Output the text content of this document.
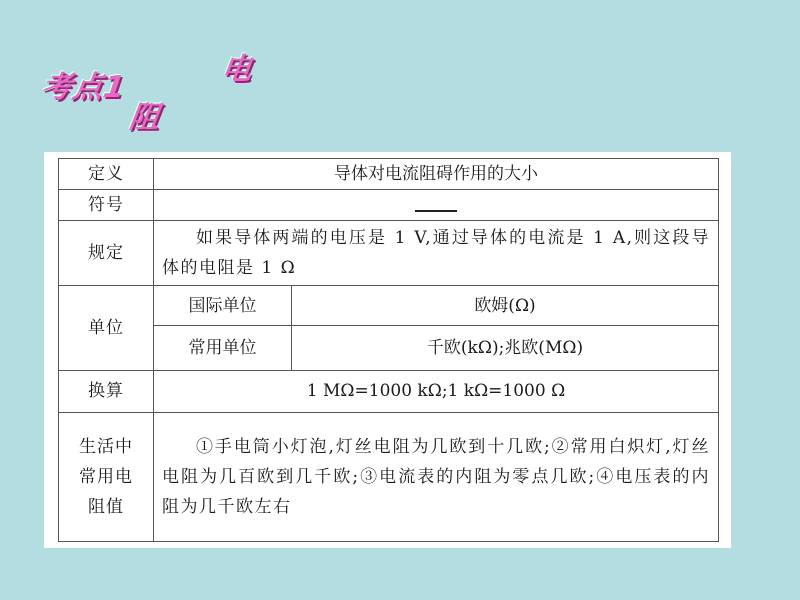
考点1
电
阻
定义	导体对电流阻碍作用的大小	
符号		
规定	如果导体两端的电压是 1 V,通过导体的电流是 1 A,则这段导体的电阻是 1 Ω	
单位	国际单位	欧姆(Ω)
	常用单位	千欧(kΩ);兆欧(MΩ)
换算	1 MΩ=1000 kΩ;1 kΩ=1000 Ω	

生活中
常用电
阻值	①手电筒小灯泡,灯丝电阻为几欧到十几欧;②常用白炽灯,灯丝电阻为几百欧到几千欧;③电流表的内阻为零点几欧;④电压表的内阻为几千欧左右	
